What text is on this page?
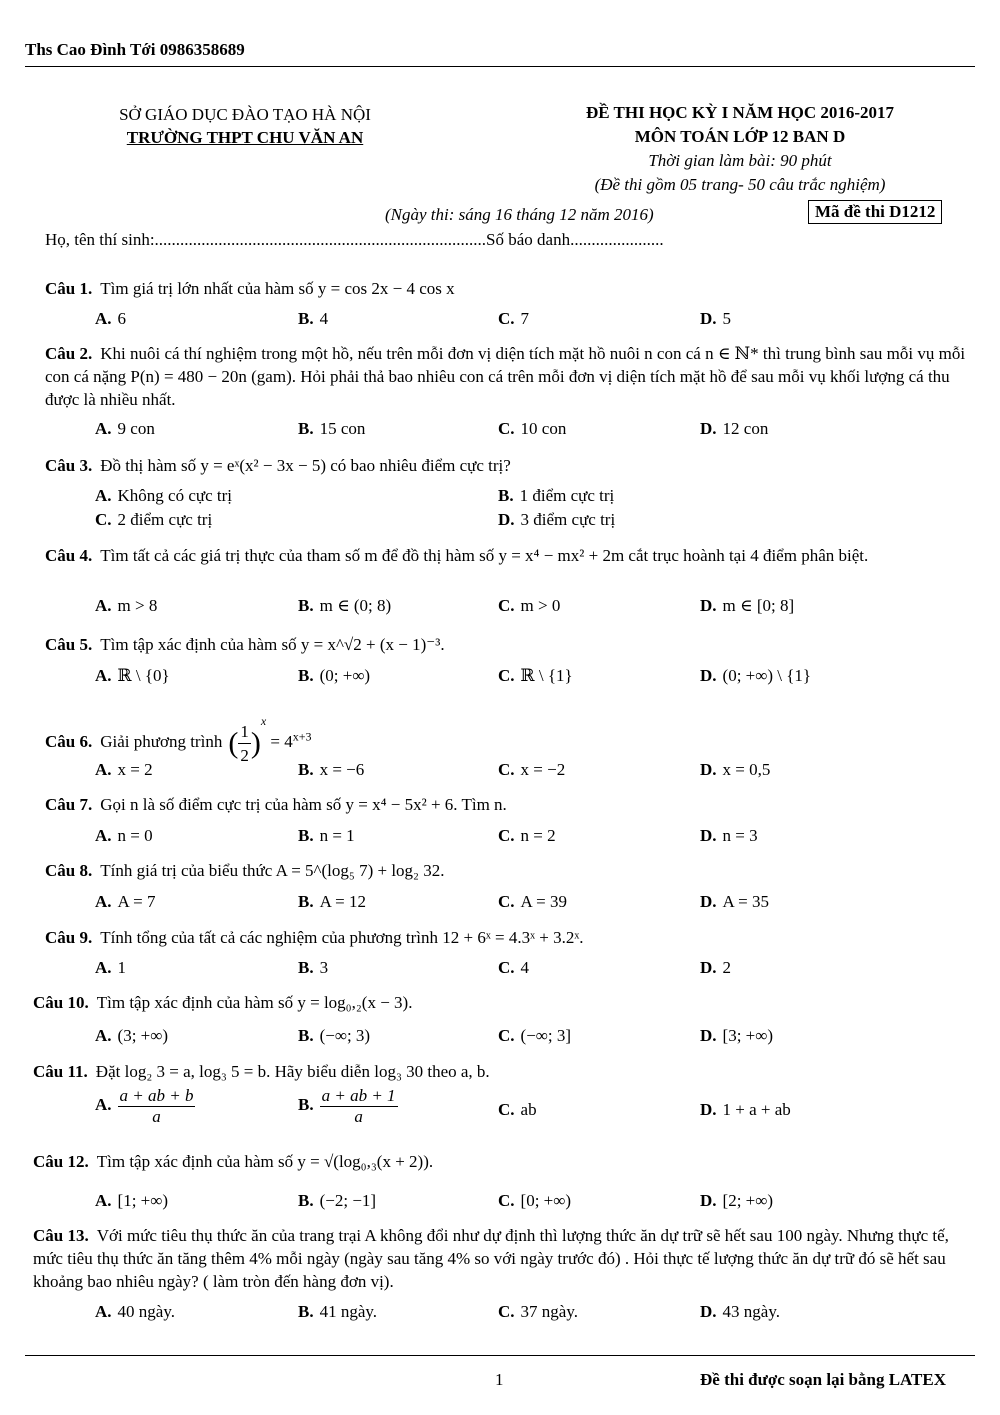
Ths Cao Đình Tới 0986358689
SỞ GIÁO DỤC ĐÀO TẠO HÀ NỘI
TRƯỜNG THPT CHU VĂN AN
ĐỀ THI HỌC KỲ I NĂM HỌC 2016-2017
MÔN TOÁN LỚP 12 BAN D
Thời gian làm bài: 90 phút
(Đề thi gồm 05 trang- 50 câu trắc nghiệm)
(Ngày thi: sáng 16 tháng 12 năm 2016)	Mã đề thi D1212
Họ, tên thí sinh:..............................................................................Số báo danh......................
Câu 1. Tìm giá trị lớn nhất của hàm số y = cos 2x − 4 cos x
A. 6	B. 4	C. 7	D. 5
Câu 2. Khi nuôi cá thí nghiệm trong một hồ, nếu trên mỗi đơn vị diện tích mặt hồ nuôi n con cá n ∈ ℕ* thì trung bình sau mỗi vụ mỗi con cá nặng P(n) = 480 − 20n (gam). Hỏi phải thả bao nhiêu con cá trên mỗi đơn vị diện tích mặt hồ để sau mỗi vụ khối lượng cá thu được là nhiều nhất.
A. 9 con	B. 15 con	C. 10 con	D. 12 con
Câu 3. Đồ thị hàm số y = eˣ(x² − 3x − 5) có bao nhiêu điểm cực trị?
A. Không có cực trị	B. 1 điểm cực trị
C. 2 điểm cực trị	D. 3 điểm cực trị
Câu 4. Tìm tất cả các giá trị thực của tham số m để đồ thị hàm số y = x⁴ − mx² + 2m cắt trục hoành tại 4 điểm phân biệt.
A. m > 8	B. m ∈ (0; 8)	C. m > 0	D. m ∈ [0; 8]
Câu 5. Tìm tập xác định của hàm số y = x^√2 + (x − 1)⁻³.
A. ℝ \ {0}	B. (0; +∞)	C. ℝ \ {1}	D. (0; +∞) \ {1}
Câu 6. Giải phương trình ( $\frac{1}{2} )^x = 4^{x+3}$
A. x = 2	B. x = −6	C. x = −2	D. x = 0,5
Câu 7. Gọi n là số điểm cực trị của hàm số y = x⁴ − 5x² + 6. Tìm n.
A. n = 0	B. n = 1	C. n = 2	D. n = 3
Câu 8. Tính giá trị của biểu thức A = 5^(log₅ 7) + log₂ 32.
A. A = 7	B. A = 12	C. A = 39	D. A = 35
Câu 9. Tính tổng của tất cả các nghiệm của phương trình 12 + 6ˣ = 4.3ˣ + 3.2ˣ.
A. 1	B. 3	C. 4	D. 2
Câu 10. Tìm tập xác định của hàm số y = log₀,₂(x − 3).
A. (3; +∞)	B. (−∞; 3)	C. (−∞; 3]	D. [3; +∞)
Câu 11. Đặt log₂ 3 = a, log₃ 5 = b. Hãy biểu diễn log₃ 30 theo a, b.
A. $\frac{a + ab + b}{a}$	B. $\frac{a + ab + 1}{a}$	C. ab	D. 1 + a + ab
Câu 12. Tìm tập xác định của hàm số y = √(log₀,₃(x + 2)).
A. [1; +∞)	B. (−2; −1]	C. [0; +∞)	D. [2; +∞)
Câu 13. Với mức tiêu thụ thức ăn của trang trại A không đổi như dự định thì lượng thức ăn dự trữ sẽ hết sau 100 ngày. Nhưng thực tế, mức tiêu thụ thức ăn tăng thêm 4% mỗi ngày (ngày sau tăng 4% so với ngày trước đó) . Hỏi thực tế lượng thức ăn dự trữ đó sẽ hết sau khoảng bao nhiêu ngày? ( làm tròn đến hàng đơn vị).
A. 40 ngày.	B. 41 ngày.	C. 37 ngày.	D. 43 ngày.
1	Đề thi được soạn lại bằng LATEX
